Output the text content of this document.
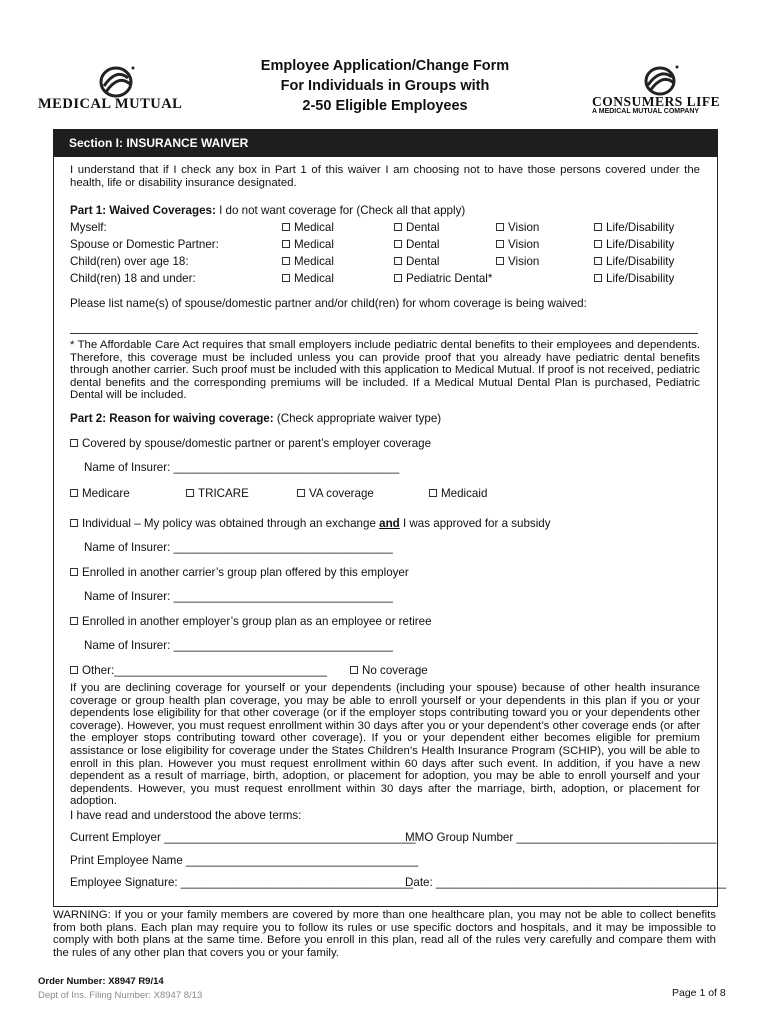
MEDICAL MUTUAL
Employee Application/Change Form
For Individuals in Groups with
2-50 Eligible Employees	CONSUMERS LIFE
A MEDICAL MUTUAL COMPANY
Section I: INSURANCE WAIVER
I understand that if I check any box in Part 1 of this waiver I am choosing not to have those persons covered under the health, life or disability insurance designated.
Part 1: Waived Coverages: I do not want coverage for (Check all that apply)
Myself:	Medical	Dental	Vision	Life/Disability
Spouse or Domestic Partner:	Medical	Dental	Vision	Life/Disability
Child(ren) over age 18:	Medical	Dental	Vision	Life/Disability
Child(ren) 18 and under:	Medical	Pediatric Dental*	Life/Disability
Please list name(s) of spouse/domestic partner and/or child(ren) for whom coverage is being waived:
* The Affordable Care Act requires that small employers include pediatric dental benefits to their employees and dependents. Therefore, this coverage must be included unless you can provide proof that you already have pediatric dental benefits through another carrier. Such proof must be included with this application to Medical Mutual. If proof is not received, pediatric dental benefits and the corresponding premiums will be included. If a Medical Mutual Dental Plan is purchased, Pediatric Dental will be included.
Part 2: Reason for waiving coverage: (Check appropriate waiver type)
Covered by spouse/domestic partner or parent’s employer coverage
Name of Insurer: ___________________________________
Medicare	TRICARE	VA coverage	Medicaid
Individual – My policy was obtained through an exchange and I was approved for a subsidy
Name of Insurer: __________________________________
Enrolled in another carrier’s group plan offered by this employer
Name of Insurer: __________________________________
Enrolled in another employer’s group plan as an employee or retiree
Name of Insurer: __________________________________
Other:_________________________________	No coverage
If you are declining coverage for yourself or your dependents (including your spouse) because of other health insurance coverage or group health plan coverage, you may be able to enroll yourself or your dependents in this plan if you or your dependents lose eligibility for that other coverage (or if the employer stops contributing toward you or your dependents other coverage). However, you must request enrollment within 30 days after you or your dependent’s other coverage ends (or after the employer stops contributing toward other coverage). If you or your dependent either becomes eligible for premium assistance or lose eligibility for coverage under the States Children’s Health Insurance Program (SCHIP), you will be able to enroll in this plan. However you must request enrollment within 60 days after such event. In addition, if you have a new dependent as a result of marriage, birth, adoption, or placement for adoption, you may be able to enroll yourself and your dependents. However, you must request enrollment within 30 days after the marriage, birth, adoption, or placement for adoption.
I have read and understood the above terms:
Current Employer _______________________________________
MMO Group Number _______________________________
Print Employee Name ____________________________________
Employee Signature: ____________________________________
Date: _____________________________________________
WARNING: If you or your family members are covered by more than one healthcare plan, you may not be able to collect benefits from both plans. Each plan may require you to follow its rules or use specific doctors and hospitals, and it may be impossible to comply with both plans at the same time. Before you enroll in this plan, read all of the rules very carefully and compare them with the rules of any other plan that covers you or your family.
Order Number: X8947 R9/14
Dept of Ins. Filing Number: X8947 8/13	Page 1 of 8
